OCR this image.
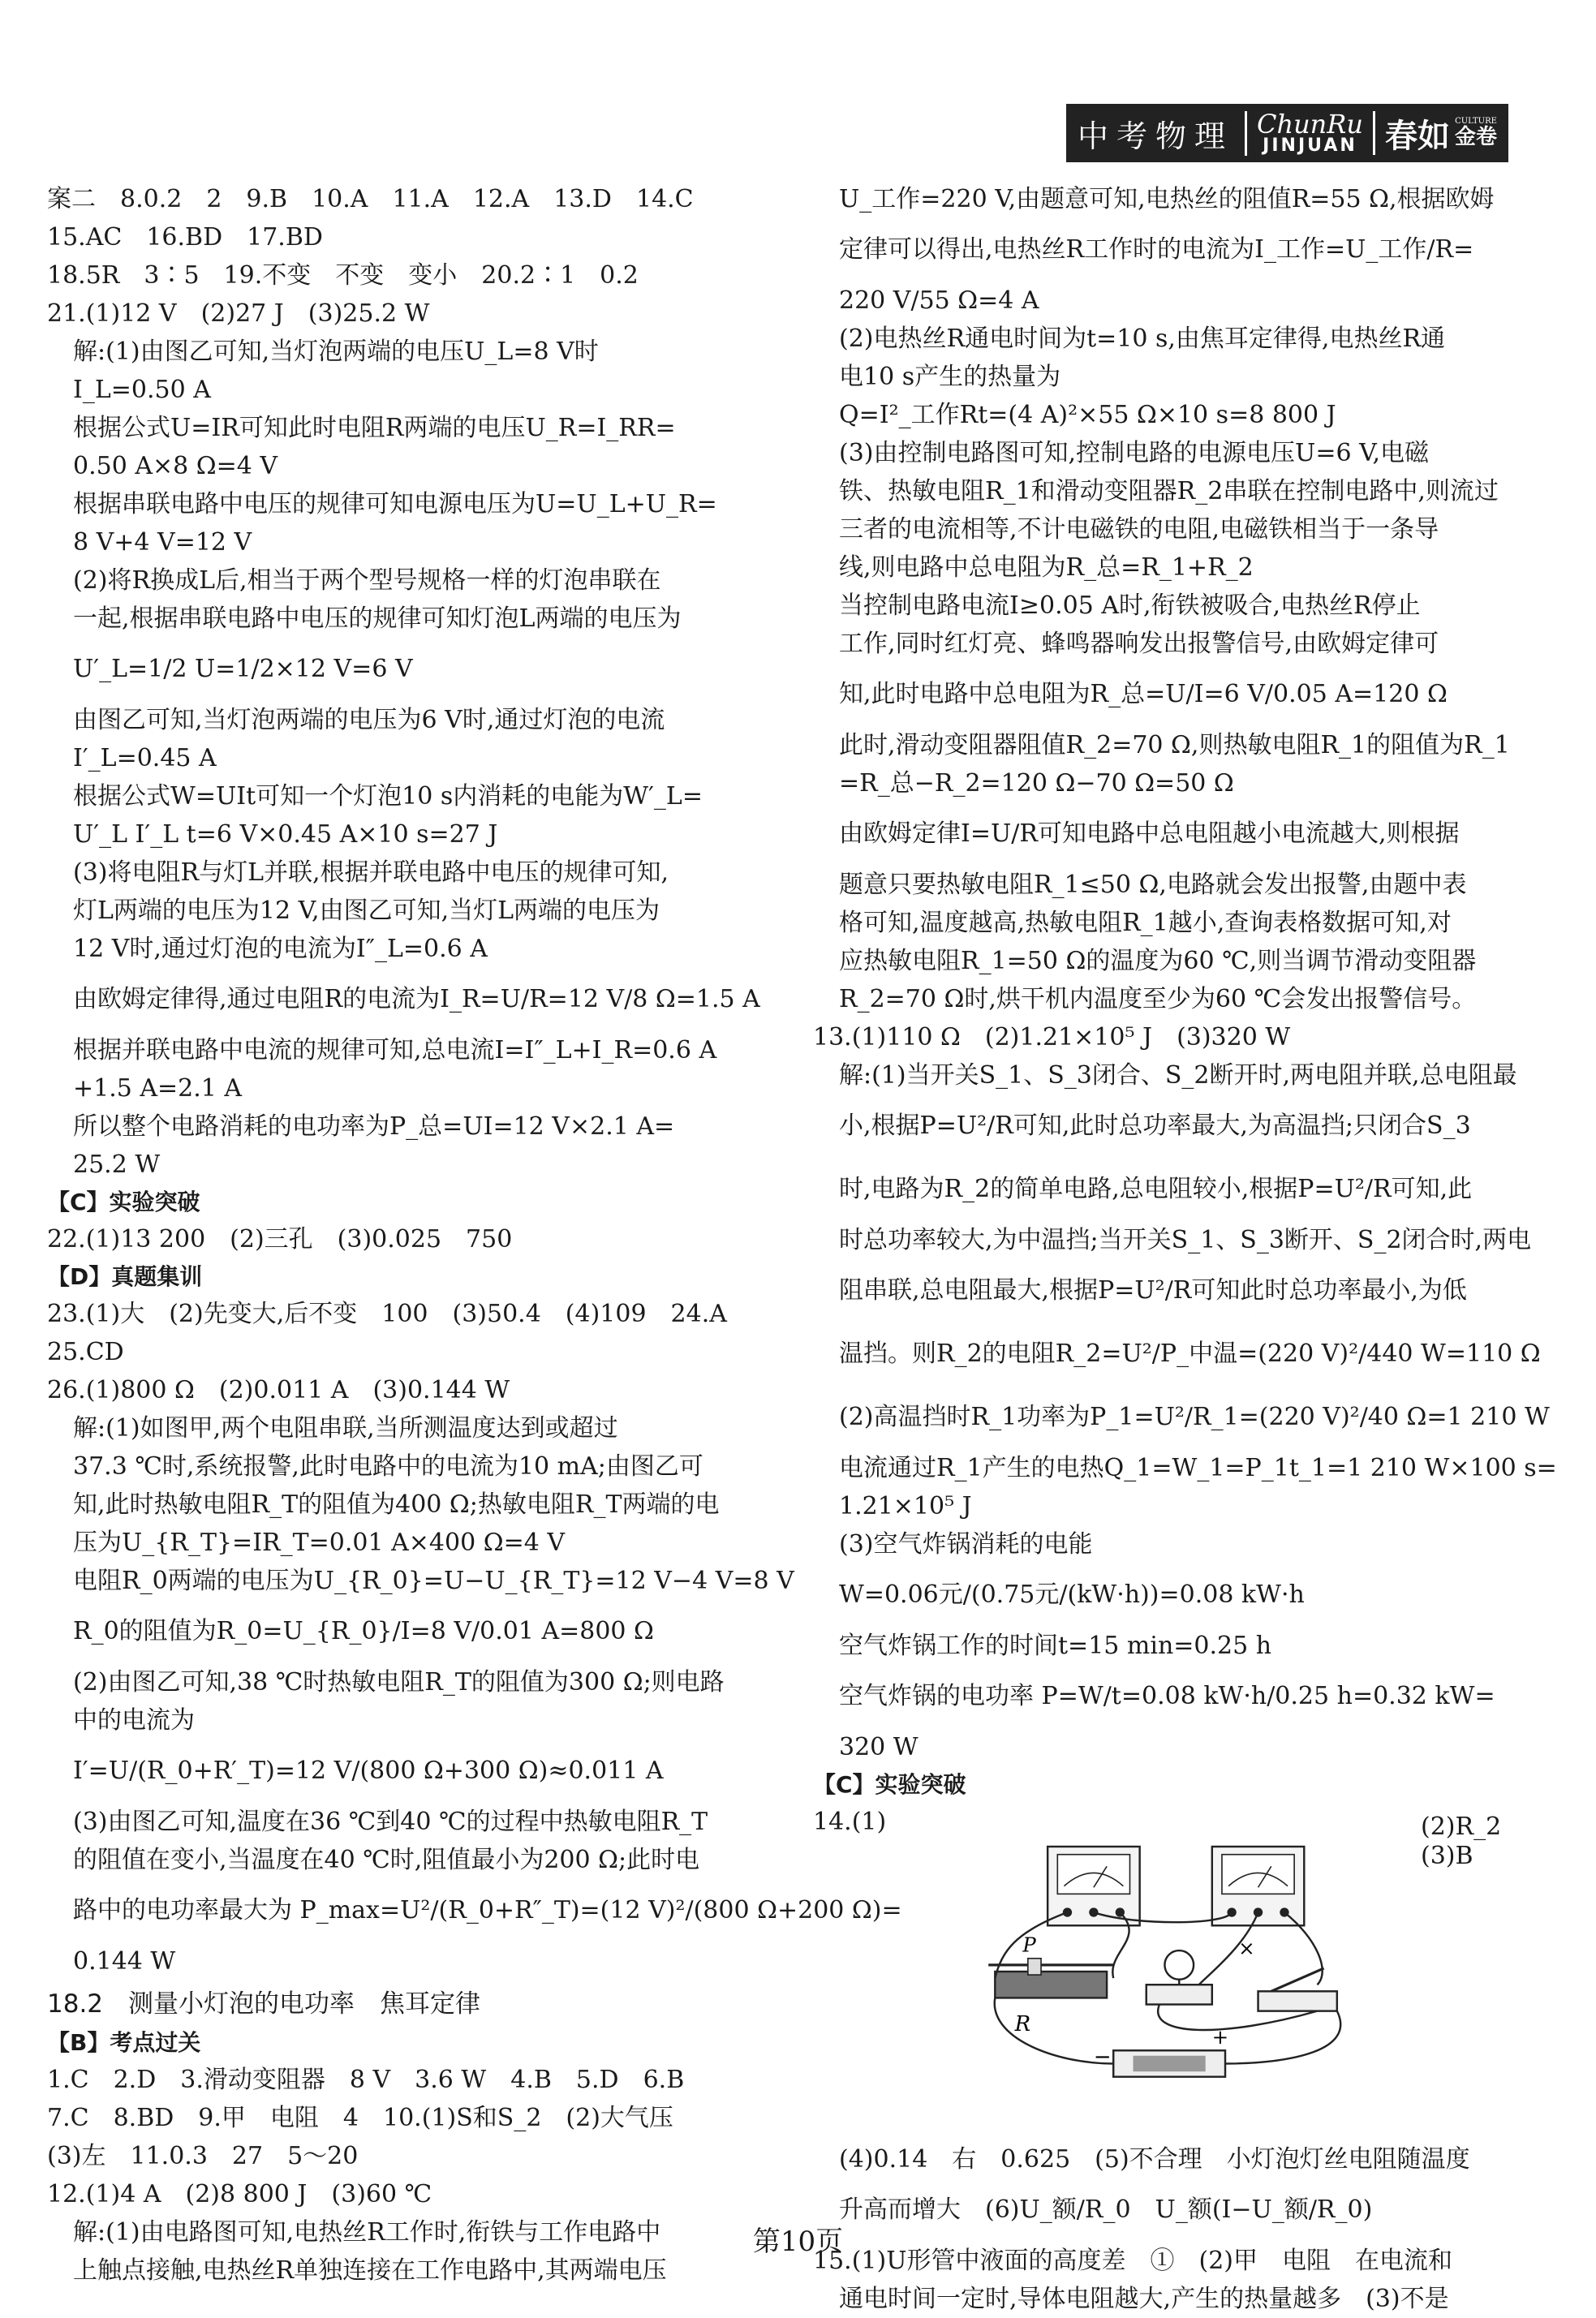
中考物理 ChunRu
JINJUAN 春如 CULTURE
金卷

案二　8.0.2　2　9.B　10.A　11.A　12.A　13.D　14.C

15.AC　16.BD　17.BD

18.5R　3∶5　19.不变　不变　变小　20.2∶1　0.2

21.(1)12 V　(2)27 J　(3)25.2 W

解:(1)由图乙可知,当灯泡两端的电压U_L=8 V时

I_L=0.50 A

根据公式U=IR可知此时电阻R两端的电压U_R=I_RR=

0.50 A×8 Ω=4 V

根据串联电路中电压的规律可知电源电压为U=U_L+U_R=

8 V+4 V=12 V

(2)将R换成L后,相当于两个型号规格一样的灯泡串联在

一起,根据串联电路中电压的规律可知灯泡L两端的电压为

U′_L=1/2 U=1/2×12 V=6 V

由图乙可知,当灯泡两端的电压为6 V时,通过灯泡的电流

I′_L=0.45 A

根据公式W=UIt可知一个灯泡10 s内消耗的电能为W′_L=

U′_L I′_L t=6 V×0.45 A×10 s=27 J

(3)将电阻R与灯L并联,根据并联电路中电压的规律可知,

灯L两端的电压为12 V,由图乙可知,当灯L两端的电压为

12 V时,通过灯泡的电流为I″_L=0.6 A

由欧姆定律得,通过电阻R的电流为I_R=U/R=12 V/8 Ω=1.5 A

根据并联电路中电流的规律可知,总电流I=I″_L+I_R=0.6 A

+1.5 A=2.1 A

所以整个电路消耗的电功率为P_总=UI=12 V×2.1 A=

25.2 W

【C】实验突破

22.(1)13 200　(2)三孔　(3)0.025　750

【D】真题集训

23.(1)大　(2)先变大,后不变　100　(3)50.4　(4)109　24.A

25.CD

26.(1)800 Ω　(2)0.011 A　(3)0.144 W

解:(1)如图甲,两个电阻串联,当所测温度达到或超过

37.3 ℃时,系统报警,此时电路中的电流为10 mA;由图乙可

知,此时热敏电阻R_T的阻值为400 Ω;热敏电阻R_T两端的电

压为U_{R_T}=IR_T=0.01 A×400 Ω=4 V

电阻R_0两端的电压为U_{R_0}=U−U_{R_T}=12 V−4 V=8 V

R_0的阻值为R_0=U_{R_0}/I=8 V/0.01 A=800 Ω

(2)由图乙可知,38 ℃时热敏电阻R_T的阻值为300 Ω;则电路

中的电流为

I′=U/(R_0+R′_T)=12 V/(800 Ω+300 Ω)≈0.011 A

(3)由图乙可知,温度在36 ℃到40 ℃的过程中热敏电阻R_T

的阻值在变小,当温度在40 ℃时,阻值最小为200 Ω;此时电

路中的电功率最大为 P_max=U²/(R_0+R″_T)=(12 V)²/(800 Ω+200 Ω)=

0.144 W

18.2　测量小灯泡的电功率　焦耳定律

【B】考点过关

1.C　2.D　3.滑动变阻器　8 V　3.6 W　4.B　5.D　6.B

7.C　8.BD　9.甲　电阻　4　10.(1)S和S_2　(2)大气压

(3)左　11.0.3　27　5～20

12.(1)4 A　(2)8 800 J　(3)60 ℃

解:(1)由电路图可知,电热丝R工作时,衔铁与工作电路中

上触点接触,电热丝R单独连接在工作电路中,其两端电压

U_工作=220 V,由题意可知,电热丝的阻值R=55 Ω,根据欧姆

定律可以得出,电热丝R工作时的电流为I_工作=U_工作/R=

220 V/55 Ω=4 A

(2)电热丝R通电时间为t=10 s,由焦耳定律得,电热丝R通

电10 s产生的热量为

Q=I²_工作Rt=(4 A)²×55 Ω×10 s=8 800 J

(3)由控制电路图可知,控制电路的电源电压U=6 V,电磁

铁、热敏电阻R_1和滑动变阻器R_2串联在控制电路中,则流过

三者的电流相等,不计电磁铁的电阻,电磁铁相当于一条导

线,则电路中总电阻为R_总=R_1+R_2

当控制电路电流I≥0.05 A时,衔铁被吸合,电热丝R停止

工作,同时红灯亮、蜂鸣器响发出报警信号,由欧姆定律可

知,此时电路中总电阻为R_总=U/I=6 V/0.05 A=120 Ω

此时,滑动变阻器阻值R_2=70 Ω,则热敏电阻R_1的阻值为R_1

=R_总−R_2=120 Ω−70 Ω=50 Ω

由欧姆定律I=U/R可知电路中总电阻越小电流越大,则根据

题意只要热敏电阻R_1≤50 Ω,电路就会发出报警,由题中表

格可知,温度越高,热敏电阻R_1越小,查询表格数据可知,对

应热敏电阻R_1=50 Ω的温度为60 ℃,则当调节滑动变阻器

R_2=70 Ω时,烘干机内温度至少为60 ℃会发出报警信号。

13.(1)110 Ω　(2)1.21×10⁵ J　(3)320 W

解:(1)当开关S_1、S_3闭合、S_2断开时,两电阻并联,总电阻最

小,根据P=U²/R可知,此时总功率最大,为高温挡;只闭合S_3

时,电路为R_2的简单电路,总电阻较小,根据P=U²/R可知,此

时总功率较大,为中温挡;当开关S_1、S_3断开、S_2闭合时,两电

阻串联,总电阻最大,根据P=U²/R可知此时总功率最小,为低

温挡。则R_2的电阻R_2=U²/P_中温=(220 V)²/440 W=110 Ω

(2)高温挡时R_1功率为P_1=U²/R_1=(220 V)²/40 Ω=1 210 W

电流通过R_1产生的电热Q_1=W_1=P_1t_1=1 210 W×100 s=

1.21×10⁵ J

(3)空气炸锅消耗的电能

W=0.06元/(0.75元/(kW·h))=0.08 kW·h

空气炸锅工作的时间t=15 min=0.25 h

空气炸锅的电功率 P=W/t=0.08 kW·h/0.25 h=0.32 kW=

320 W

【C】实验突破

14.(1)
P
R
−
+
×
(2)R_2　(3)B

(4)0.14　右　0.625　(5)不合理　小灯泡灯丝电阻随温度

升高而增大　(6)U_额/R_0　U_额(I−U_额/R_0)

15.(1)U形管中液面的高度差　①　(2)甲　电阻　在电流和

通电时间一定时,导体电阻越大,产生的热量越多　(3)不是

第10页
